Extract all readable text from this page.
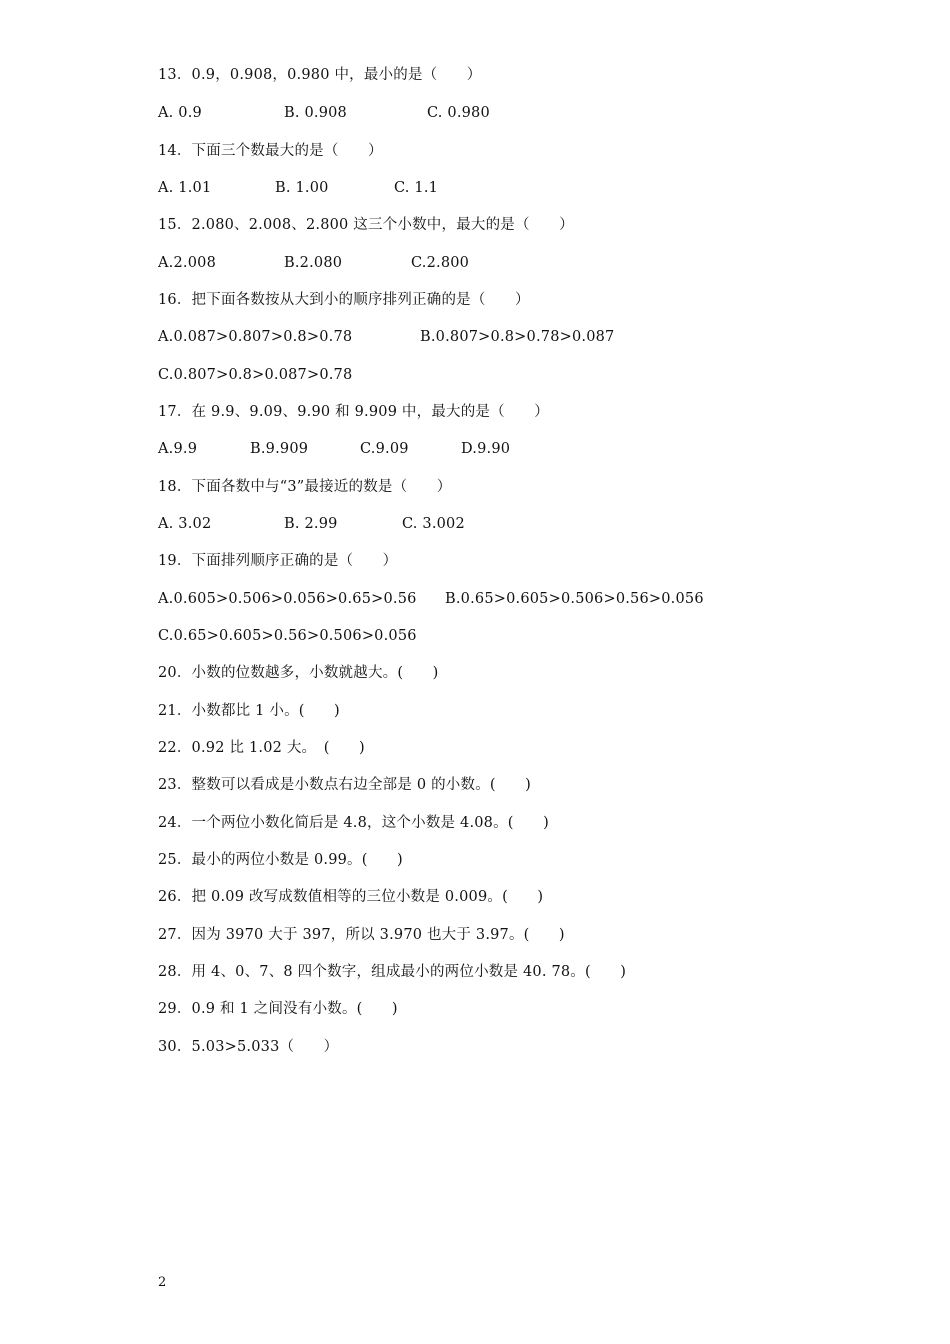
13．0.9，0.908，0.980 中，最小的是（　　）

A. 0.9

	B. 0.908

	C. 0.980

14．下面三个数最大的是（　　）

A. 1.01

	B. 1.00

	C. 1.1

15．2.080、2.008、2.800 这三个小数中，最大的是（　　）

A.2.008

	B.2.080

	C.2.800

16．把下面各数按从大到小的顺序排列正确的是（　　）

A.0.087>0.807>0.8>0.78

	B.0.807>0.8>0.78>0.087

C.0.807>0.8>0.087>0.78

17．在 9.9、9.09、9.90 和 9.909 中，最大的是（　　）

A.9.9

	B.9.909

	C.9.09

	D.9.90

18．下面各数中与“3”最接近的数是（　　）

A. 3.02

	B. 2.99

	C. 3.002

19．下面排列顺序正确的是（　　）

A.0.605>0.506>0.056>0.65>0.56

B.0.65>0.605>0.506>0.56>0.056

C.0.65>0.605>0.56>0.506>0.056

20．小数的位数越多，小数就越大。(　　)
21．小数都比 1 小。(　　)
22．0.92 比 1.02 大。　(　　)
23．整数可以看成是小数点右边全部是 0 的小数。(　　)
24．一个两位小数化简后是 4.8，这个小数是 4.08。(　　)
25．最小的两位小数是 0.99。(　　)
26．把 0.09 改写成数值相等的三位小数是 0.009。(　　)
27．因为 3970 大于 397，所以 3.970 也大于 3.97。(　　)
28．用 4、0、7、8 四个数字，组成最小的两位小数是 40. 78。(　　)
29．0.9 和 1 之间没有小数。(　　)
30．5.03>5.033（　　）
2
